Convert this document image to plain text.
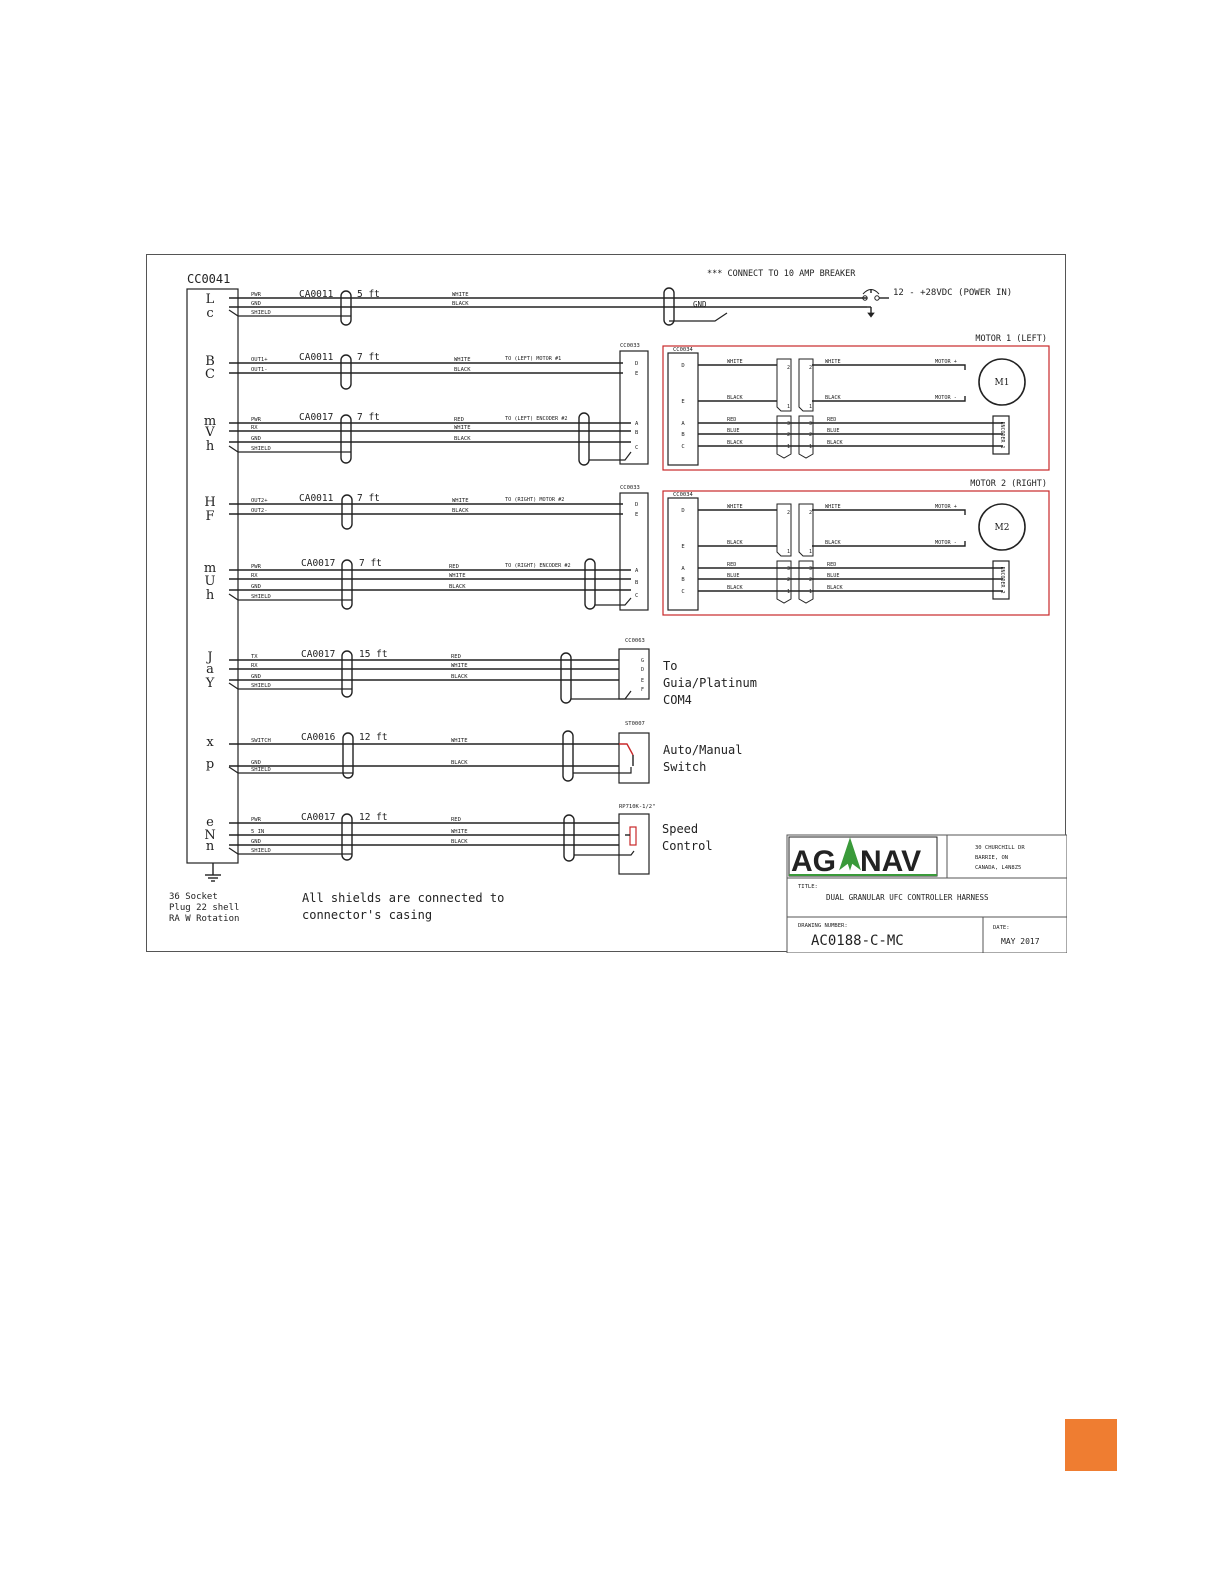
CC0041
36 Socket
Plug 22 shell
RA W Rotation
L
c
PWR
GND
SHIELD
CA0011 5 ft	WHITE
BLACK
B
C
OUT1+
OUT1-
CA0011 7 ft	WHITE
BLACK
TO (LEFT) MOTOR #1
m
V
h
PWR
RX
GND
SHIELD
CA0017 7 ft	RED
WHITE
BLACK
TO (LEFT) ENCODER #2
H
F
OUT2+
OUT2-
CA0011 7 ft	WHITE
BLACK
TO (RIGHT) MOTOR #2
m
U
h
PWR
RX
GND
SHIELD
CA0017 7 ft	RED
WHITE
BLACK
TO (RIGHT) ENCODER #2
J
a
Y
TX
RX
GND
SHIELD
CA0017 15 ft	RED
WHITE
BLACK
x
p
SWITCH
GND
SHIELD
CA0016 12 ft	WHITE
BLACK
e
N
n
PWR
5 IN
GND
SHIELD
CA0017 12 ft	RED
WHITE
BLACK
*** CONNECT TO 10 AMP BREAKER
12 - +28VDC (POWER IN)
GND
CC0033
D
E
A
B
C
CC0033
D
E
A
B
C
MOTOR 1 (LEFT)
CC0034
D
E
A
B
C
WHITE	WHITE
BLACK	BLACK
RED	RED
BLUE	BLUE
BLACK	BLACK
2
1
2
1
3
2
1
3
2
1
MOTOR +
MOTOR -
M1
ENCODER 1
MOTOR 2 (RIGHT)
CC0034
D
E
A
B
C
WHITE	WHITE
BLACK	BLACK
RED	RED
BLUE	BLUE
BLACK	BLACK
2
1
2
1
3
2
1
3
2
1
MOTOR +
MOTOR -
M2
ENCODER 2
CC0063
G
D
E
F
To
Guia/Platinum
COM4
ST0007
Auto/Manual
Switch
RP710K-1/2"
Speed
Control
All shields are connected to
connector's casing
AG NAV	30 CHURCHILL DR
BARRIE, ON
CANADA, L4N8Z5
TITLE:
DUAL GRANULAR UFC CONTROLLER HARNESS
DRAWING NUMBER:
AC0188-C-MC
DATE:
MAY 2017
